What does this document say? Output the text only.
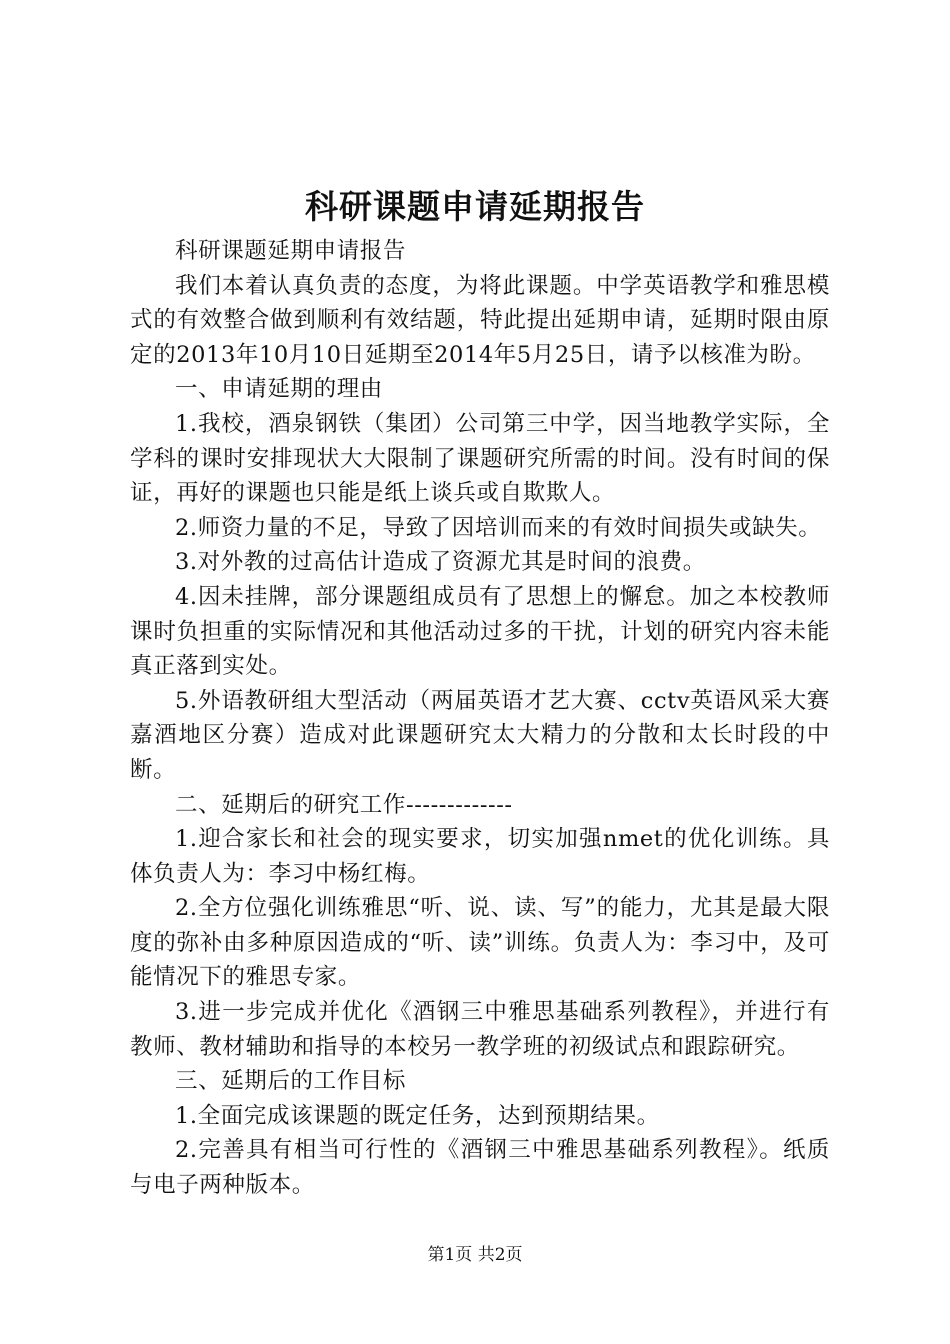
科研课题申请延期报告

科研课题延期申请报告

我们本着认真负责的态度，为将此课题。中学英语教学和雅思模式的有效整合做到顺利有效结题，特此提出延期申请，延期时限由原定的2013年10月10日延期至2014年5月25日，请予以核准为盼。

一、申请延期的理由

1.我校，酒泉钢铁（集团）公司第三中学，因当地教学实际，全学科的课时安排现状大大限制了课题研究所需的时间。没有时间的保证，再好的课题也只能是纸上谈兵或自欺欺人。

2.师资力量的不足，导致了因培训而来的有效时间损失或缺失。

3.对外教的过高估计造成了资源尤其是时间的浪费。

4.因未挂牌，部分课题组成员有了思想上的懈怠。加之本校教师课时负担重的实际情况和其他活动过多的干扰，计划的研究内容未能真正落到实处。

5.外语教研组大型活动（两届英语才艺大赛、cctv英语风采大赛嘉酒地区分赛）造成对此课题研究太大精力的分散和太长时段的中断。

二、延期后的研究工作-------------

1.迎合家长和社会的现实要求，切实加强nmet的优化训练。具体负责人为：李习中杨红梅。

2.全方位强化训练雅思“听、说、读、写”的能力，尤其是最大限度的弥补由多种原因造成的“听、读”训练。负责人为：李习中，及可能情况下的雅思专家。

3.进一步完成并优化《酒钢三中雅思基础系列教程》，并进行有教师、教材辅助和指导的本校另一教学班的初级试点和跟踪研究。

三、延期后的工作目标

1.全面完成该课题的既定任务，达到预期结果。

2.完善具有相当可行性的《酒钢三中雅思基础系列教程》。纸质与电子两种版本。

第1页 共2页
